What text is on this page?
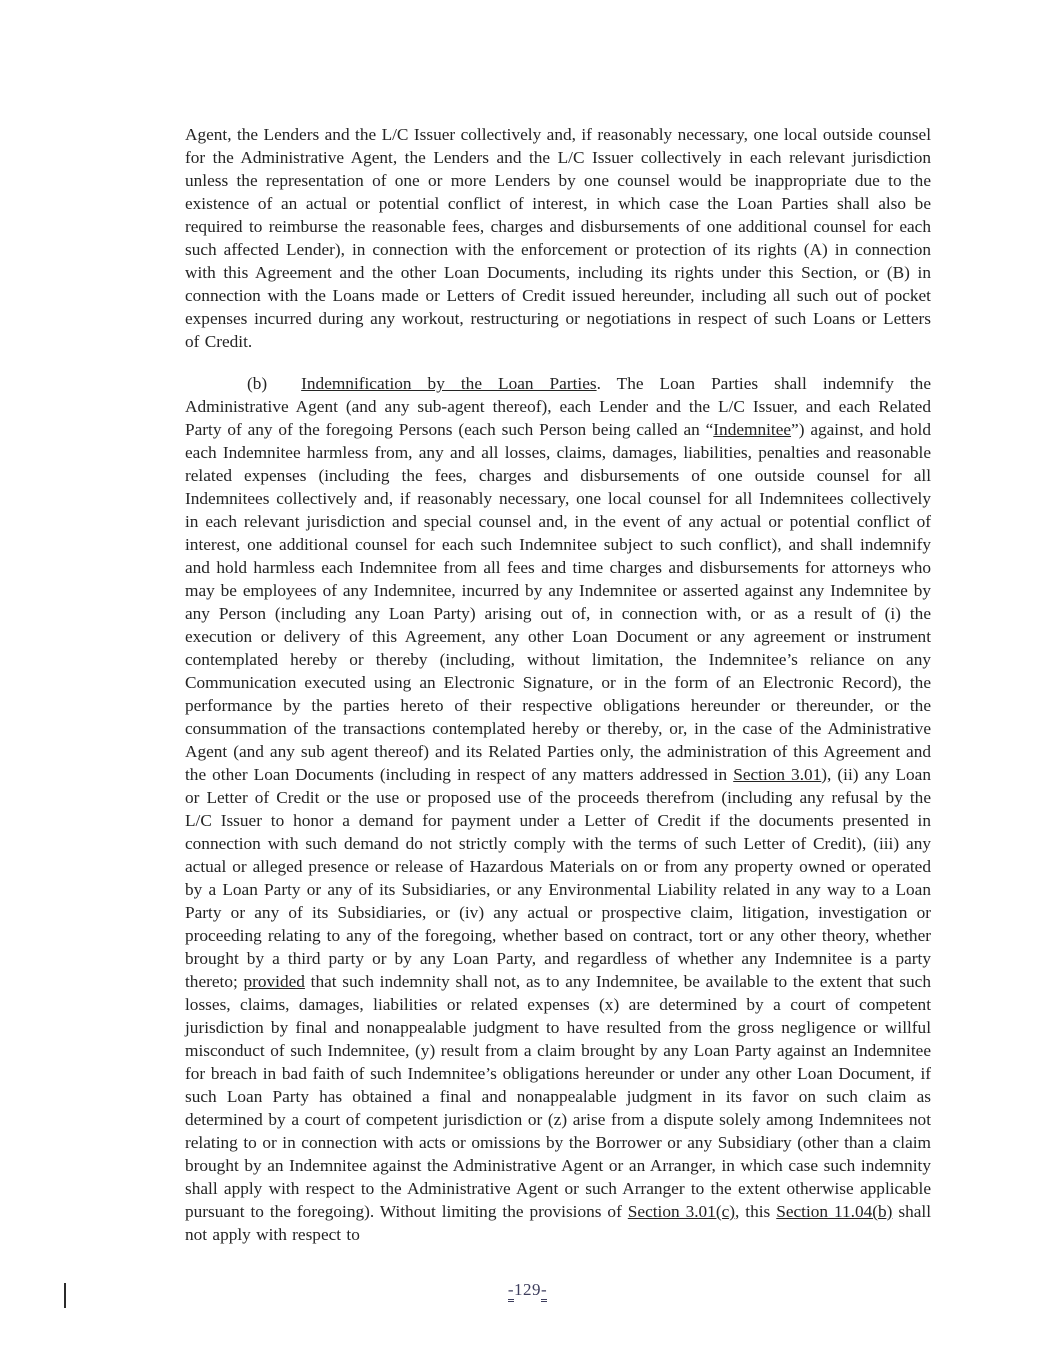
Agent, the Lenders and the L/C Issuer collectively and, if reasonably necessary, one local outside counsel for the Administrative Agent, the Lenders and the L/C Issuer collectively in each relevant jurisdiction unless the representation of one or more Lenders by one counsel would be inappropriate due to the existence of an actual or potential conflict of interest, in which case the Loan Parties shall also be required to reimburse the reasonable fees, charges and disbursements of one additional counsel for each such affected Lender), in connection with the enforcement or protection of its rights (A) in connection with this Agreement and the other Loan Documents, including its rights under this Section, or (B) in connection with the Loans made or Letters of Credit issued hereunder, including all such out of pocket expenses incurred during any workout, restructuring or negotiations in respect of such Loans or Letters of Credit.

(b) Indemnification by the Loan Parties. The Loan Parties shall indemnify the Administrative Agent (and any sub-agent thereof), each Lender and the L/C Issuer, and each Related Party of any of the foregoing Persons (each such Person being called an “Indemnitee”) against, and hold each Indemnitee harmless from, any and all losses, claims, damages, liabilities, penalties and reasonable related expenses (including the fees, charges and disbursements of one outside counsel for all Indemnitees collectively and, if reasonably necessary, one local counsel for all Indemnitees collectively in each relevant jurisdiction and special counsel and, in the event of any actual or potential conflict of interest, one additional counsel for each such Indemnitee subject to such conflict), and shall indemnify and hold harmless each Indemnitee from all fees and time charges and disbursements for attorneys who may be employees of any Indemnitee, incurred by any Indemnitee or asserted against any Indemnitee by any Person (including any Loan Party) arising out of, in connection with, or as a result of (i) the execution or delivery of this Agreement, any other Loan Document or any agreement or instrument contemplated hereby or thereby (including, without limitation, the Indemnitee’s reliance on any Communication executed using an Electronic Signature, or in the form of an Electronic Record), the performance by the parties hereto of their respective obligations hereunder or thereunder, or the consummation of the transactions contemplated hereby or thereby, or, in the case of the Administrative Agent (and any sub agent thereof) and its Related Parties only, the administration of this Agreement and the other Loan Documents (including in respect of any matters addressed in Section 3.01), (ii) any Loan or Letter of Credit or the use or proposed use of the proceeds therefrom (including any refusal by the L/C Issuer to honor a demand for payment under a Letter of Credit if the documents presented in connection with such demand do not strictly comply with the terms of such Letter of Credit), (iii) any actual or alleged presence or release of Hazardous Materials on or from any property owned or operated by a Loan Party or any of its Subsidiaries, or any Environmental Liability related in any way to a Loan Party or any of its Subsidiaries, or (iv) any actual or prospective claim, litigation, investigation or proceeding relating to any of the foregoing, whether based on contract, tort or any other theory, whether brought by a third party or by any Loan Party, and regardless of whether any Indemnitee is a party thereto; provided that such indemnity shall not, as to any Indemnitee, be available to the extent that such losses, claims, damages, liabilities or related expenses (x) are determined by a court of competent jurisdiction by final and nonappealable judgment to have resulted from the gross negligence or willful misconduct of such Indemnitee, (y) result from a claim brought by any Loan Party against an Indemnitee for breach in bad faith of such Indemnitee’s obligations hereunder or under any other Loan Document, if such Loan Party has obtained a final and nonappealable judgment in its favor on such claim as determined by a court of competent jurisdiction or (z) arise from a dispute solely among Indemnitees not relating to or in connection with acts or omissions by the Borrower or any Subsidiary (other than a claim brought by an Indemnitee against the Administrative Agent or an Arranger, in which case such indemnity shall apply with respect to the Administrative Agent or such Arranger to the extent otherwise applicable pursuant to the foregoing). Without limiting the provisions of Section 3.01(c), this Section 11.04(b) shall not apply with respect to

-129-
